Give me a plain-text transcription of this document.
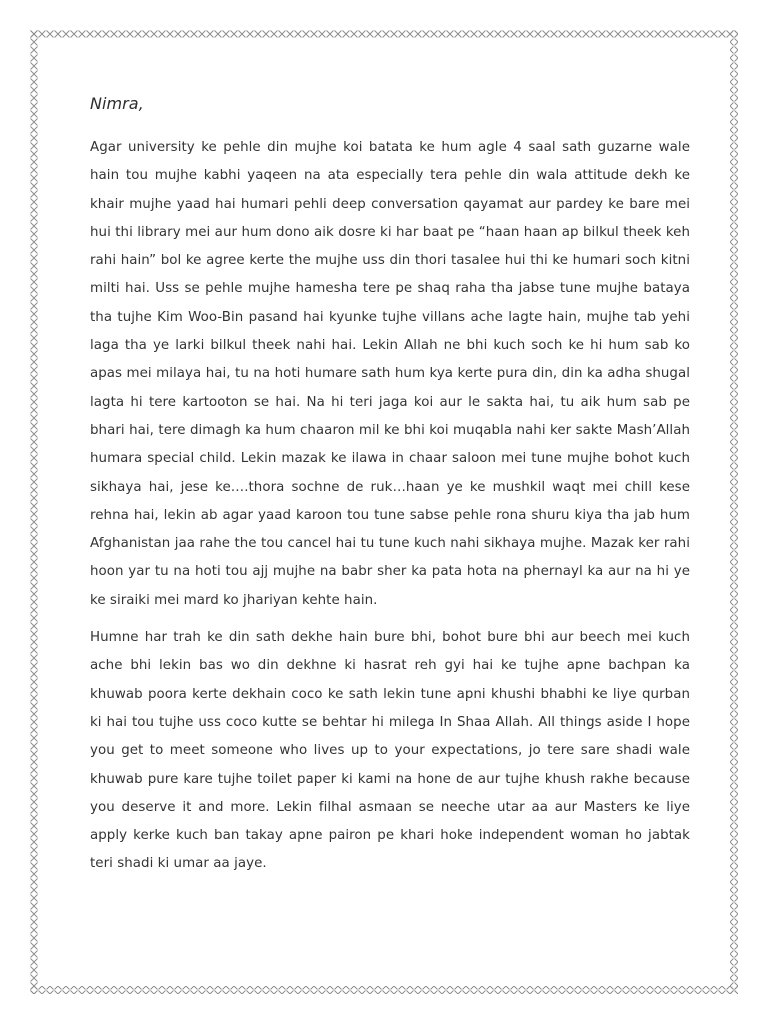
Nimra,

Agar university ke pehle din mujhe koi batata ke hum agle 4 saal sath guzarne wale hain tou mujhe kabhi yaqeen na ata especially tera pehle din wala attitude dekh ke khair mujhe yaad hai humari pehli deep conversation qayamat aur pardey ke bare mei hui thi library mei aur hum dono aik dosre ki har baat pe “haan haan ap bilkul theek keh rahi hain” bol ke agree kerte the mujhe uss din thori tasalee hui thi ke humari soch kitni milti hai. Uss se pehle mujhe hamesha tere pe shaq raha tha jabse tune mujhe bataya tha tujhe Kim Woo-Bin pasand hai kyunke tujhe villans ache lagte hain, mujhe tab yehi laga tha ye larki bilkul theek nahi hai. Lekin Allah ne bhi kuch soch ke hi hum sab ko apas mei milaya hai, tu na hoti humare sath hum kya kerte pura din, din ka adha shugal lagta hi tere kartooton se hai. Na hi teri jaga koi aur le sakta hai, tu aik hum sab pe bhari hai, tere dimagh ka hum chaaron mil ke bhi koi muqabla nahi ker sakte Mash’Allah humara special child. Lekin mazak ke ilawa in chaar saloon mei tune mujhe bohot kuch sikhaya hai, jese ke….thora sochne de ruk…haan ye ke mushkil waqt mei chill kese rehna hai, lekin ab agar yaad karoon tou tune sabse pehle rona shuru kiya tha jab hum Afghanistan jaa rahe the tou cancel hai tu tune kuch nahi sikhaya mujhe. Mazak ker rahi hoon yar tu na hoti tou ajj mujhe na babr sher ka pata hota na phernayl ka aur na hi ye ke siraiki mei mard ko jhariyan kehte hain.

Humne har trah ke din sath dekhe hain bure bhi, bohot bure bhi aur beech mei kuch ache bhi lekin bas wo din dekhne ki hasrat reh gyi hai ke tujhe apne bachpan ka khuwab poora kerte dekhain coco ke sath lekin tune apni khushi bhabhi ke liye qurban ki hai tou tujhe uss coco kutte se behtar hi milega In Shaa Allah. All things aside I hope you get to meet someone who lives up to your expectations, jo tere sare shadi wale khuwab pure kare tujhe toilet paper ki kami na hone de aur tujhe khush rakhe because you deserve it and more. Lekin filhal asmaan se neeche utar aa aur Masters ke liye apply kerke kuch ban takay apne pairon pe khari hoke independent woman ho jabtak teri shadi ki umar aa jaye.
